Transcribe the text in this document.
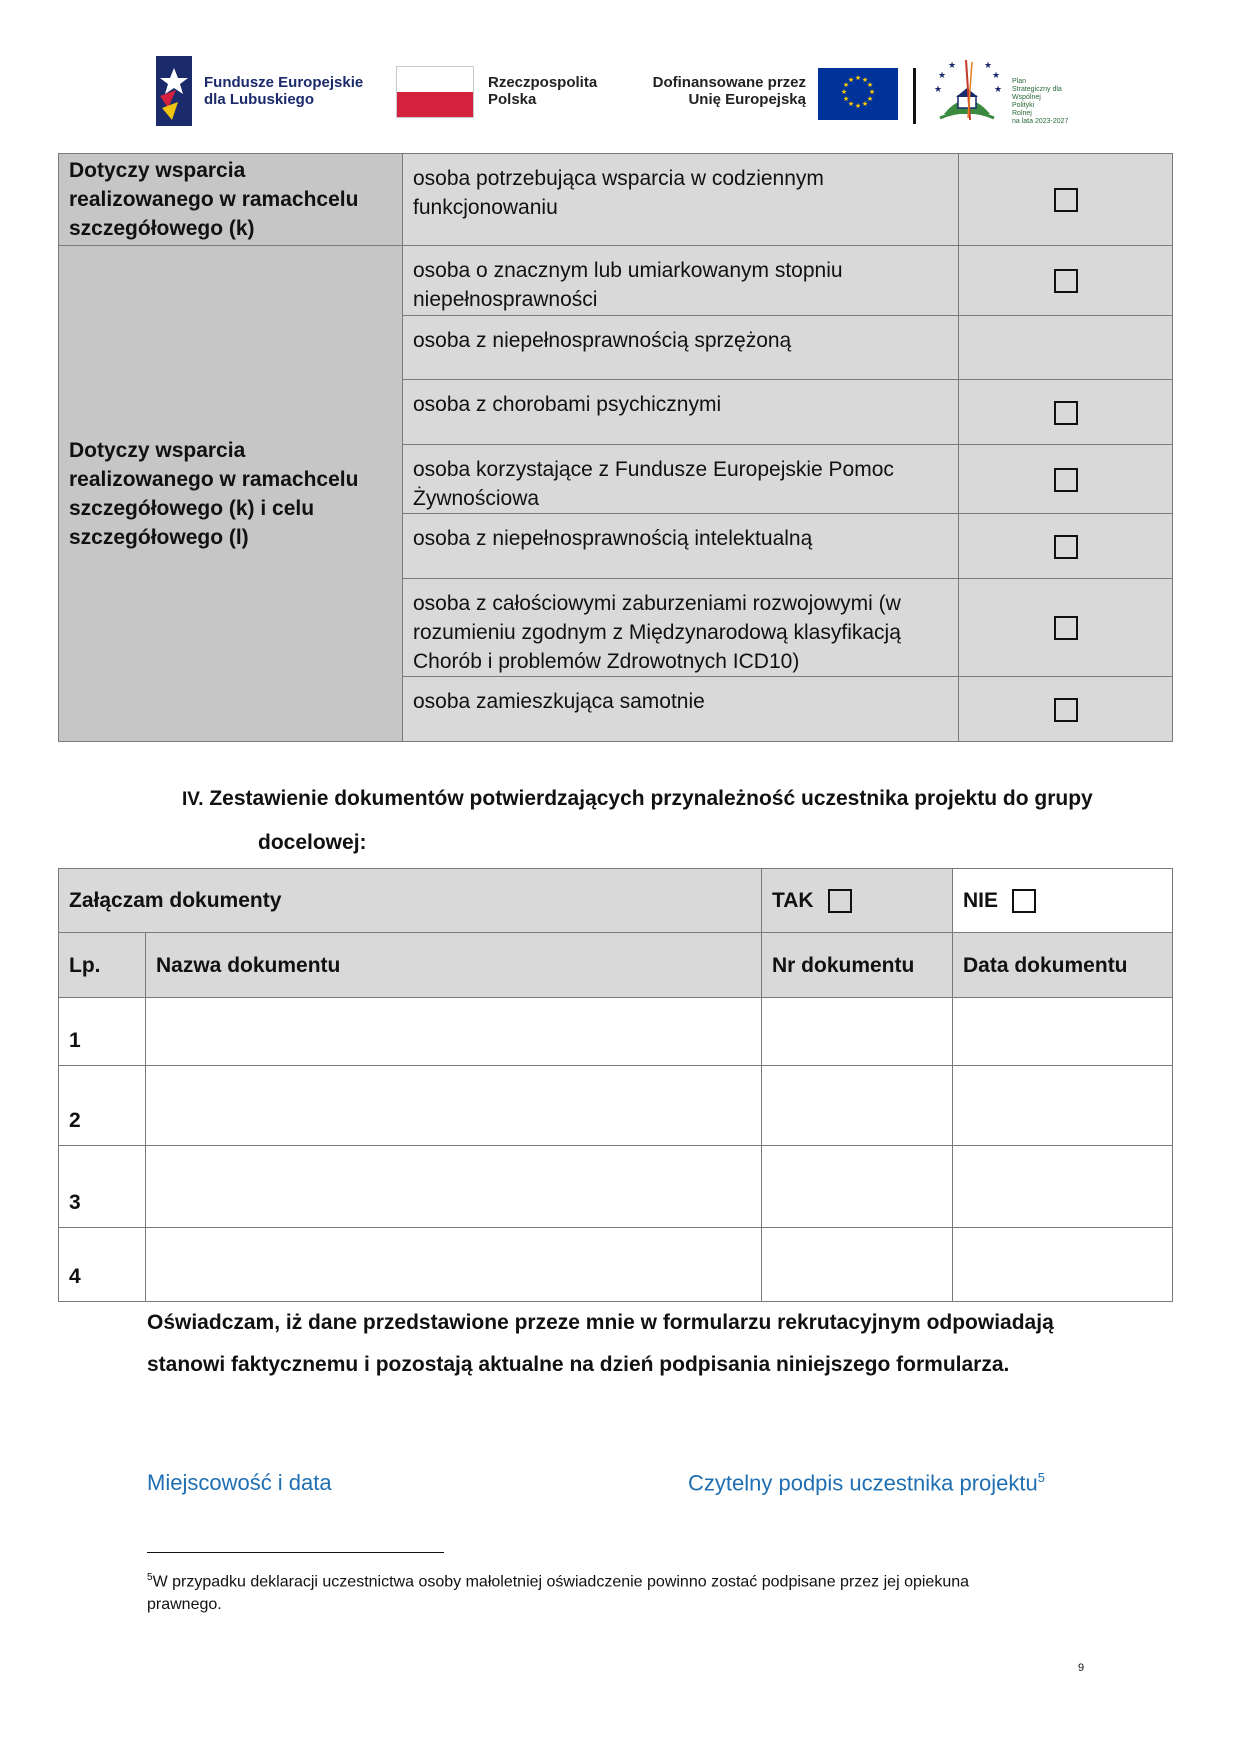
Fundusze Europejskie
dla Lubuskiego
Rzeczpospolita
Polska
Dofinansowane przez
Unię Europejską
★ ★
★
★
★
★
★
★
★
★
★
★	★
★	★
★
★	★
Plan
Strategiczny dla
Wspólnej
Polityki
Rolnej
na lata 2023-2027
Dotyczy wsparcia realizowanego w ramachcelu szczegółowego (k)	osoba potrzebująca wsparcia w codziennym funkcjonowaniu	
Dotyczy wsparcia realizowanego w ramachcelu szczegółowego (k) i celu szczegółowego (l)	osoba o znacznym lub umiarkowanym stopniu niepełnosprawności	
	osoba z niepełnosprawnością sprzężoną	
	osoba z chorobami psychicznymi	
	osoba korzystające z Fundusze Europejskie Pomoc Żywnościowa	
	osoba z niepełnosprawnością intelektualną	
	osoba z całościowymi zaburzeniami rozwojowymi (w rozumieniu zgodnym z Międzynarodową klasyfikacją Chorób i problemów Zdrowotnych ICD10)	
	osoba zamieszkująca samotnie	
IV. Zestawienie dokumentów potwierdzających przynależność uczestnika projektu do grupy
docelowej:
Załączam dokumenty		TAK	NIE

Lp.	Nazwa dokumentu	Nr dokumentu	Data dokumentu
1			
2			
3			
4			
Oświadczam, iż dane przedstawione przeze mnie w formularzu rekrutacyjnym odpowiadają
stanowi faktycznemu i pozostają aktualne na dzień podpisania niniejszego formularza.
Miejscowość i data	Czytelny podpis uczestnika projektu$^5$
$^5$W przypadku deklaracji uczestnictwa osoby małoletniej oświadczenie powinno zostać podpisane przez jej opiekuna prawnego.
9
